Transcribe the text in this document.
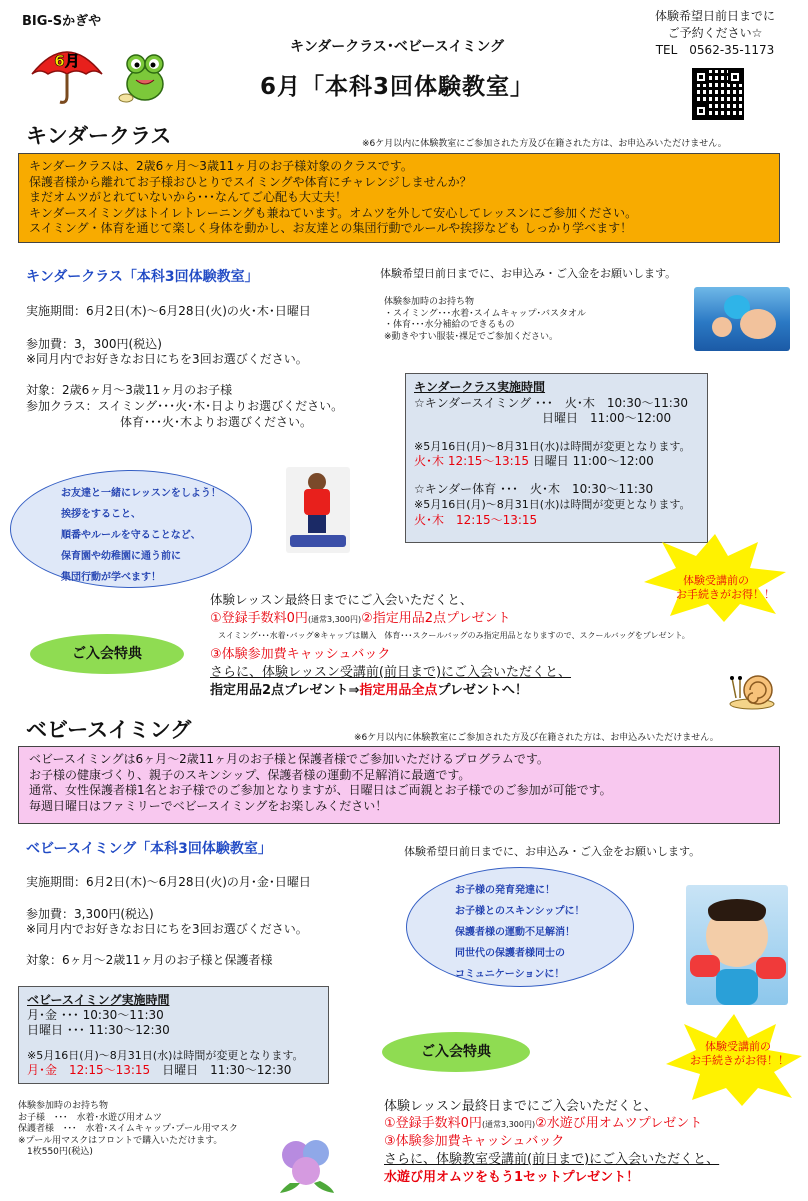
BIG-Sかぎや
6月
キンダークラス･ベビースイミング
6月「本科3回体験教室」
体験希望日前日までに
ご予約ください☆
TEL　0562-35-1173
キンダークラス	※6ケ月以内に体験教室にご参加された方及び在籍された方は、お申込みいただけません。
キンダークラスは、2歳6ヶ月～3歳11ヶ月のお子様対象のクラスです。
保護者様から離れてお子様おひとりでスイミングや体育にチャレンジしませんか？
まだオムツがとれていないから･･･なんてご心配も大丈夫！
キンダースイミングはトイレトレーニングも兼ねています。オムツを外して安心してレッスンにご参加ください。
スイミング・体育を通じて楽しく身体を動かし、お友達との集団行動でルールや挨拶なども しっかり学べます！
キンダークラス「本科3回体験教室」	体験希望日前日までに、お申込み・ご入金をお願いします。
実施期間：6月2日(木)～6月28日(火)の火･木･日曜日
参加費：3，300円(税込)
※同月内でお好きなお日にちを3回お選びください。
対象：2歳6ヶ月～3歳11ヶ月のお子様
参加クラス：スイミング･･･火･木･日よりお選びください。
体育･･･火･木よりお選びください。
体験参加時のお持ち物
・スイミング･･･水着･スイムキャップ･バスタオル
・体育･･･水分補給のできるもの
※動きやすい服装･裸足でご参加ください。
キンダークラス実施時間
☆キンダースイミング ･･･　火･木　10:30～11:30
日曜日　11:00～12:00
※5月16日(月)～8月31日(水)は時間が変更となります。
火･木 12:15～13:15 日曜日 11:00～12:00
☆キンダー体育 ･･･　火･木　10:30～11:30
※5月16日(月)～8月31日(水)は時間が変更となります。
火･木　12:15～13:15
お友達と一緒にレッスンをしよう！
挨拶をすること、
順番やルールを守ることなど、
保育園や幼稚園に通う前に
集団行動が学べます！	体験受講前の
お手続きがお得！！
ご入会特典
体験レッスン最終日までにご入会いただくと、
①登録手数料0円(通常3,300円)②指定用品2点プレゼント
スイミング･･･水着･バッグ※キャップは購入　体育･･･スクールバッグのみ指定用品となりますので、スクールバッグをプレゼント。
③体験参加費キャッシュバック
さらに、体験レッスン受講前(前日まで)にご入会いただくと、
指定用品2点プレゼント⇒指定用品全点プレゼントへ！
ベビースイミング	※6ケ月以内に体験教室にご参加された方及び在籍された方は、お申込みいただけません。
ベビースイミングは6ヶ月～2歳11ヶ月のお子様と保護者様でご参加いただけるプログラムです。
お子様の健康づくり、親子のスキンシップ、保護者様の運動不足解消に最適です。
通常、女性保護者様1名とお子様でのご参加となりますが、日曜日はご両親とお子様でのご参加が可能です。
毎週日曜日はファミリーでベビースイミングをお楽しみください！
ベビースイミング「本科3回体験教室」	体験希望日前日までに、お申込み・ご入金をお願いします。
実施期間：6月2日(木)～6月28日(火)の月･金･日曜日
参加費：3,300円(税込)
※同月内でお好きなお日にちを3回お選びください。
対象：6ヶ月～2歳11ヶ月のお子様と保護者様
ベビースイミング実施時間
月･金 ･･･ 10:30～11:30
日曜日 ･･･ 11:30～12:30
※5月16日(月)～8月31日(水)は時間が変更となります。
月･金　12:15～13:15　日曜日　11:30～12:30
体験参加時のお持ち物
お子様　･･･　水着･水遊び用オムツ
保護者様　･･･　水着･スイムキャップ･プール用マスク
※プール用マスクはフロントで購入いただけます。
　1枚550円(税込)
お子様の発育発達に！
お子様とのスキンシップに！
保護者様の運動不足解消！
同世代の保護者様同士の
コミュニケーションに！
体験受講前の
お手続きがお得！！
ご入会特典
体験レッスン最終日までにご入会いただくと、
①登録手数料0円(通常3,300円)②水遊び用オムツプレゼント
③体験参加費キャッシュバック
さらに、体験教室受講前(前日まで)にご入会いただくと、
水遊び用オムツをもう1セットプレゼント！
